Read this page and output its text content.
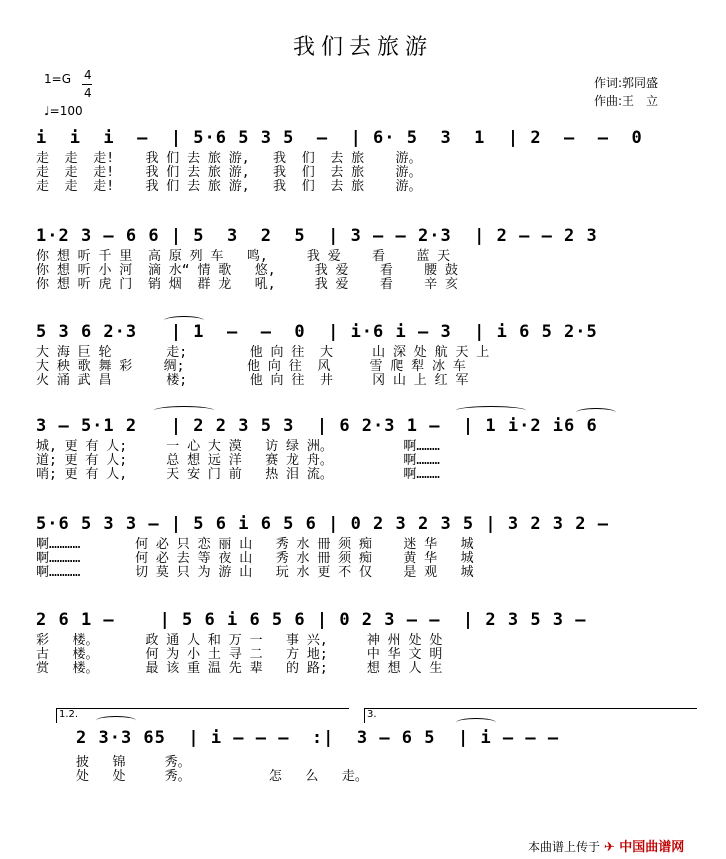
我们去旅游
1=G 4
4
♩=100
作词:郭同盛
作曲:王　立
i  i  i  –  | 5·6 5 3 5  –  | 6· 5  3  1  | 2  –  –  0
走  走  走!    我 们 去 旅 游,   我  们  去 旅    游。
走  走  走!    我 们 去 旅 游,   我  们  去 旅    游。
走  走  走!    我 们 去 旅 游,   我  们  去 旅    游。
1·2 3 – 6 6 | 5  3  2  5  | 3 – – 2·3  | 2 – – 2 3
你 想 听 千 里  高 原 列 车   鸣,     我 爱    看    蓝 天
你 想 听 小 河  滴 水“ 情 歌   悠,     我 爱    看    腰 鼓
你 想 听 虎 门  销 烟  群 龙   吼,     我 爱    看    辛 亥
5 3 6 2·3   | 1  –  –  0  | i·6 i – 3  | i 6 5 2·5
大 海 巨 轮       走;        他 向 往  大     山 深 处 航 天 上
大 秧 歌 舞 彩    绸;        他 向 往  风     雪 爬 犁 冰 车
火 涌 武 昌       楼;        他 向 往  井     冈 山 上 红 军
3 – 5·1 2   | 2 2 3 5 3  | 6 2·3 1 –  | 1 i·2 i6 6
城, 更 有 人;     一 心 大 漠   访 绿 洲。         啊………
道; 更 有 人;     总 想 远 洋   赛 龙 舟。         啊………
哨; 更 有 人,     天 安 门 前   热 泪 流。         啊………
5·6 5 3 3 – | 5 6 i 6 5 6 | 0 2 3 2 3 5 | 3 2 3 2 –
啊…………       何 必 只 恋 丽 山   秀 水 冊 须 痴    迷 华   城
啊…………       何 必 去 等 夜 山   秀 水 冊 须 痴    黄 华   城
啊…………       切 莫 只 为 游 山   玩 水 更 不 仅    是 观   城
2 6 1 –    | 5 6 i 6 5 6 | 0 2 3 – –  | 2 3 5 3 –
彩   楼。      政 通 人 和 万 一   事 兴,     神 州 处 处
古   楼。      何 为 小 土 寻 二   方 地;     中 华 文 明
赏   楼。      最 该 重 温 先 辈   的 路;     想 想 人 生
1.2.	3.
2 3·3 65  | i – – –  :|  3 – 6 5  | i – – –
披   锦     秀。
处   处     秀。          怎   么   走。
本曲谱上传于 ✈ 中国曲谱网
